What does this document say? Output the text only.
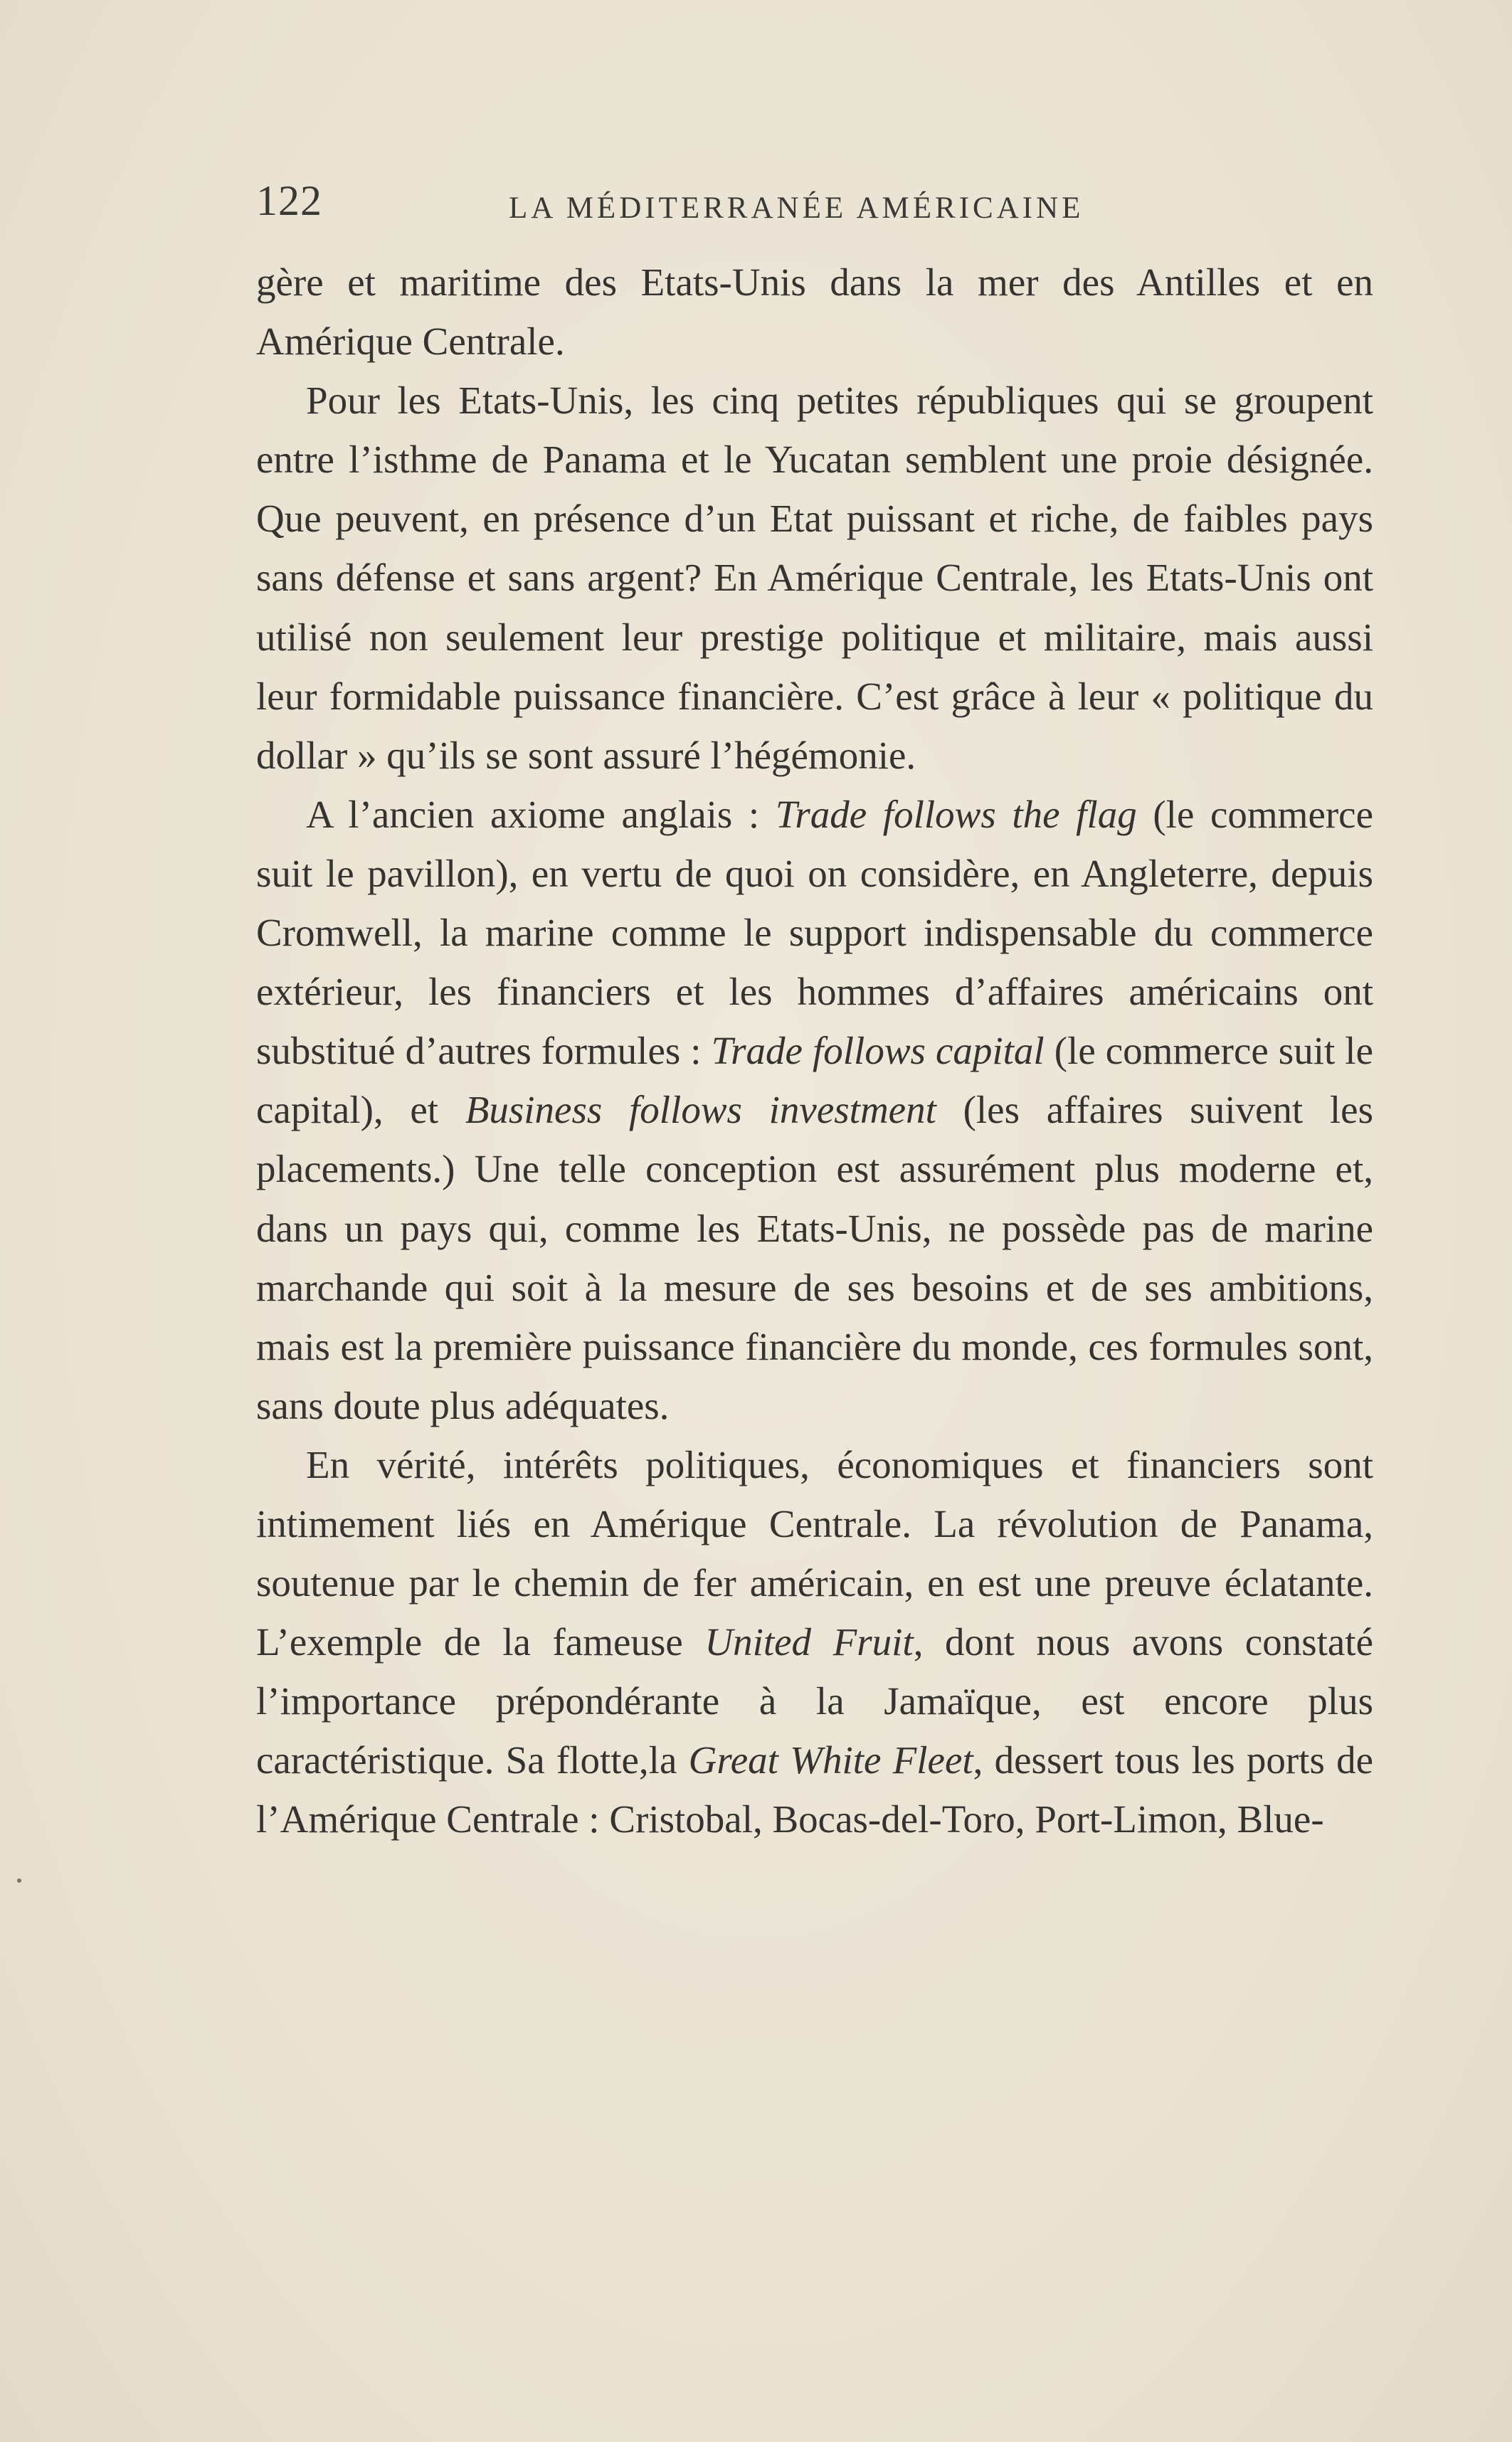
122	LA MÉDITERRANÉE AMÉRICAINE

gère et maritime des Etats-Unis dans la mer des Antilles et en Amérique Centrale.

Pour les Etats-Unis, les cinq petites républiques qui se groupent entre l’isthme de Panama et le Yucatan semblent une proie désignée. Que peuvent, en présence d’un Etat puissant et riche, de faibles pays sans défense et sans argent? En Amérique Centrale, les Etats-Unis ont utilisé non seulement leur prestige politique et militaire, mais aussi leur formidable puissance financière. C’est grâce à leur « politique du dollar » qu’ils se sont assuré l’hégémonie.

A l’ancien axiome anglais : Trade follows the flag (le commerce suit le pavillon), en vertu de quoi on considère, en Angleterre, depuis Cromwell, la marine comme le support indispensable du commerce extérieur, les financiers et les hommes d’affaires américains ont substitué d’autres formules : Trade follows capital (le commerce suit le capital), et Business follows investment (les affaires suivent les placements.) Une telle conception est assurément plus moderne et, dans un pays qui, comme les Etats-Unis, ne possède pas de marine marchande qui soit à la mesure de ses besoins et de ses ambitions, mais est la première puissance financière du monde, ces formules sont, sans doute plus adéquates.

En vérité, intérêts politiques, économiques et financiers sont intimement liés en Amérique Centrale. La révolution de Panama, soutenue par le chemin de fer américain, en est une preuve éclatante. L’exemple de la fameuse United Fruit, dont nous avons constaté l’importance prépondérante à la Jamaïque, est encore plus caractéristique. Sa flotte,la Great White Fleet, dessert tous les ports de l’Amérique Centrale : Cristobal, Bocas-del-Toro, Port-Limon, Blue-
